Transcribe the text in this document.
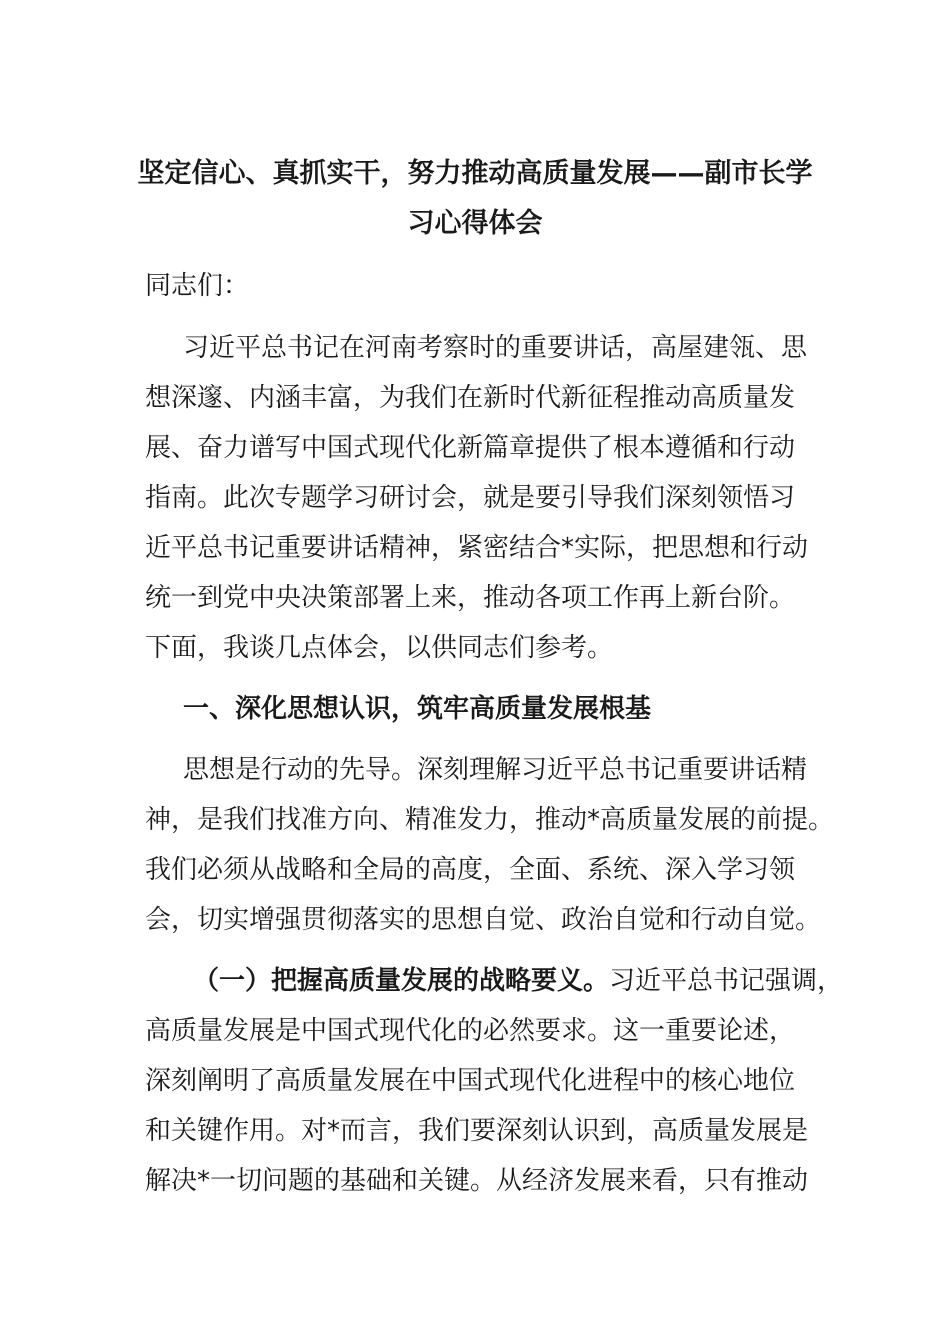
坚定信心、真抓实干，努力推动高质量发展——副市长学
习心得体会
同志们：
习近平总书记在河南考察时的重要讲话，高屋建瓴、思
想深邃、内涵丰富，为我们在新时代新征程推动高质量发
展、奋力谱写中国式现代化新篇章提供了根本遵循和行动
指南。此次专题学习研讨会，就是要引导我们深刻领悟习
近平总书记重要讲话精神，紧密结合*实际，把思想和行动
统一到党中央决策部署上来，推动各项工作再上新台阶。
下面，我谈几点体会，以供同志们参考。
一、深化思想认识，筑牢高质量发展根基
思想是行动的先导。深刻理解习近平总书记重要讲话精
神，是我们找准方向、精准发力，推动*高质量发展的前提。
我们必须从战略和全局的高度，全面、系统、深入学习领
会，切实增强贯彻落实的思想自觉、政治自觉和行动自觉。
（一）把握高质量发展的战略要义。习近平总书记强调，
高质量发展是中国式现代化的必然要求。这一重要论述，
深刻阐明了高质量发展在中国式现代化进程中的核心地位
和关键作用。对*而言，我们要深刻认识到，高质量发展是
解决*一切问题的基础和关键。从经济发展来看，只有推动
